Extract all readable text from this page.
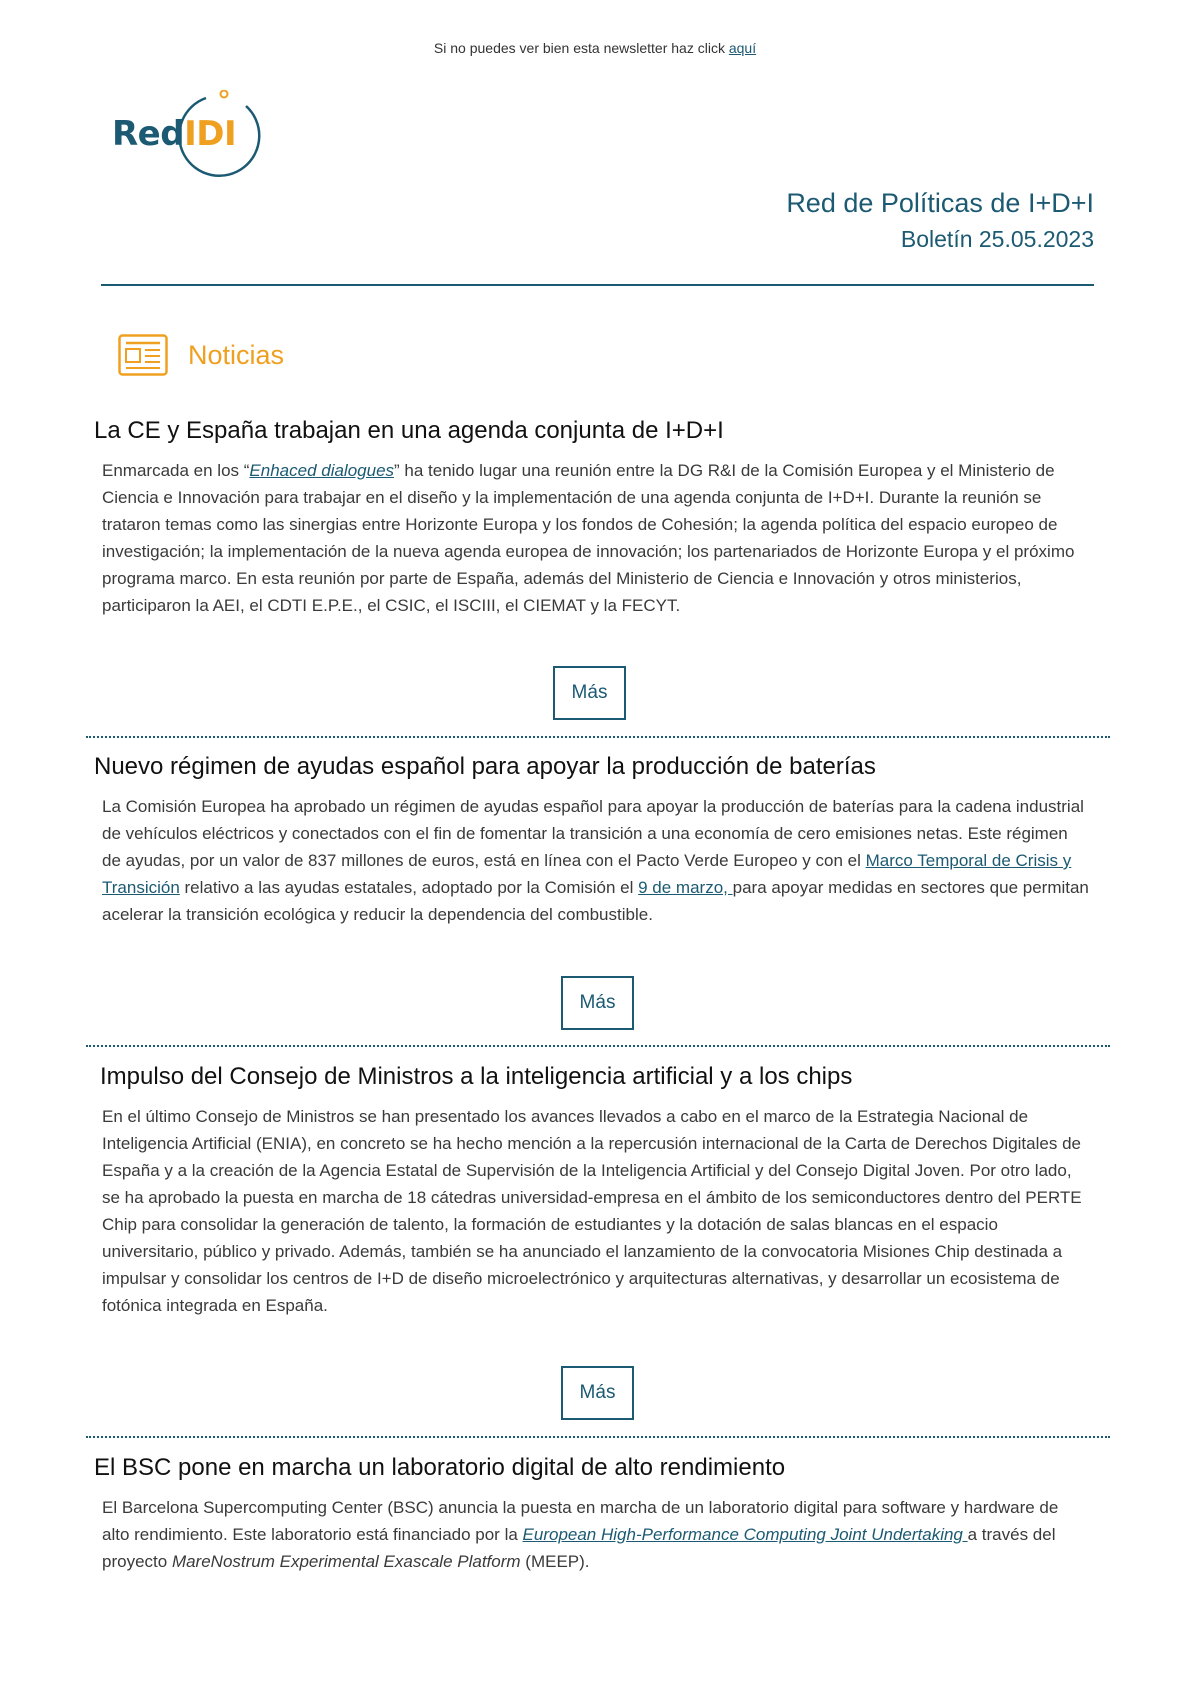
Si no puedes ver bien esta newsletter haz click aquí
RedIDI
Red de Políticas de I+D+I
Boletín 25.05.2023
Noticias
La CE y España trabajan en una agenda conjunta de I+D+I

Enmarcada en los “Enhaced dialogues” ha tenido lugar una reunión entre la DG R&I de la Comisión Europea y el Ministerio de Ciencia e Innovación para trabajar en el diseño y la implementación de una agenda conjunta de I+D+I. Durante la reunión se trataron temas como las sinergias entre Horizonte Europa y los fondos de Cohesión; la agenda política del espacio europeo de investigación; la implementación de la nueva agenda europea de innovación; los partenariados de Horizonte Europa y el próximo programa marco. En esta reunión por parte de España, además del Ministerio de Ciencia e Innovación y otros ministerios, participaron la AEI, el CDTI E.P.E., el CSIC, el ISCIII, el CIEMAT y la FECYT.

Más
Nuevo régimen de ayudas español para apoyar la producción de baterías

La Comisión Europea ha aprobado un régimen de ayudas español para apoyar la producción de baterías para la cadena industrial de vehículos eléctricos y conectados con el fin de fomentar la transición a una economía de cero emisiones netas. Este régimen de ayudas, por un valor de 837 millones de euros, está en línea con el Pacto Verde Europeo y con el Marco Temporal de Crisis y Transición relativo a las ayudas estatales, adoptado por la Comisión el 9 de marzo, para apoyar medidas en sectores que permitan acelerar la transición ecológica y reducir la dependencia del combustible.

Más
Impulso del Consejo de Ministros a la inteligencia artificial y a los chips

En el último Consejo de Ministros se han presentado los avances llevados a cabo en el marco de la Estrategia Nacional de Inteligencia Artificial (ENIA), en concreto se ha hecho mención a la repercusión internacional de la Carta de Derechos Digitales de España y a la creación de la Agencia Estatal de Supervisión de la Inteligencia Artificial y del Consejo Digital Joven. Por otro lado, se ha aprobado la puesta en marcha de 18 cátedras universidad-empresa en el ámbito de los semiconductores dentro del PERTE Chip para consolidar la generación de talento, la formación de estudiantes y la dotación de salas blancas en el espacio universitario, público y privado. Además, también se ha anunciado el lanzamiento de la convocatoria Misiones Chip destinada a impulsar y consolidar los centros de I+D de diseño microelectrónico y arquitecturas alternativas, y desarrollar un ecosistema de fotónica integrada en España.

Más
El BSC pone en marcha un laboratorio digital de alto rendimiento

El Barcelona Supercomputing Center (BSC) anuncia la puesta en marcha de un laboratorio digital para software y hardware de alto rendimiento. Este laboratorio está financiado por la European High-Performance Computing Joint Undertaking a través del proyecto MareNostrum Experimental Exascale Platform (MEEP).
